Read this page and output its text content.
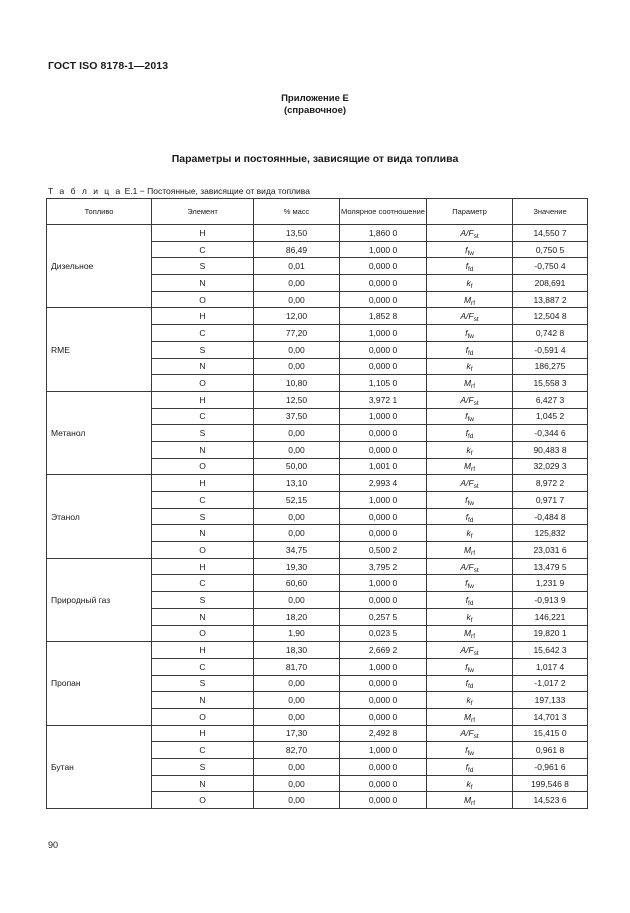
ГОСТ ISO 8178-1—2013
Приложение Е
(справочное)
Параметры и постоянные, зависящие от вида топлива
Т а б л и ц а Е.1 − Постоянные, зависящие от вида топлива
Топливо	Элемент	% масс	Молярное соотношение	Параметр	Значение
Дизельное	H	13,50	1,860 0	$A/F_{st}$	14,550 7
	C	86,49	1,000 0	$f_{fw}$	0,750 5
	S	0,01	0,000 0	$f_{fd}$	-0,750 4
	N	0,00	0,000 0	$k_f$	208,691
	O	0,00	0,000 0	$M_{rf}$	13,887 2
RME	H	12,00	1,852 8	$A/F_{st}$	12,504 8
	C	77,20	1,000 0	$f_{fw}$	0,742 8
	S	0,00	0,000 0	$f_{fd}$	-0,591 4
	N	0,00	0,000 0	$k_f$	186,275
	O	10,80	1,105 0	$M_{rf}$	15,558 3
Метанол	H	12,50	3,972 1	$A/F_{st}$	6,427 3
	C	37,50	1,000 0	$f_{fw}$	1,045 2
	S	0,00	0,000 0	$f_{fd}$	-0,344 6
	N	0,00	0,000 0	$k_f$	90,483 8
	O	50,00	1,001 0	$M_{rf}$	32,029 3
Этанол	H	13,10	2,993 4	$A/F_{st}$	8,972 2
	C	52,15	1,000 0	$f_{fw}$	0,971 7
	S	0,00	0,000 0	$f_{fd}$	-0,484 8
	N	0,00	0,000 0	$k_f$	125,832
	O	34,75	0,500 2	$M_{rf}$	23,031 6
Природный газ	H	19,30	3,795 2	$A/F_{st}$	13,479 5
	C	60,60	1,000 0	$f_{fw}$	1,231 9
	S	0,00	0,000 0	$f_{fd}$	-0,913 9
	N	18,20	0,257 5	$k_f$	146,221
	O	1,90	0,023 5	$M_{rf}$	19,820 1
Пропан	H	18,30	2,669 2	$A/F_{st}$	15,642 3
	C	81,70	1,000 0	$f_{fw}$	1,017 4
	S	0,00	0,000 0	$f_{fd}$	-1,017 2
	N	0,00	0,000 0	$k_f$	197,133
	O	0,00	0,000 0	$M_{rf}$	14,701 3
Бутан	H	17,30	2,492 8	$A/F_{st}$	15,415 0
	C	82,70	1,000 0	$f_{fw}$	0,961 8
	S	0,00	0,000 0	$f_{fd}$	-0,961 6
	N	0,00	0,000 0	$k_f$	199,546 8
	O	0,00	0,000 0	$M_{rf}$	14,523 6
90
